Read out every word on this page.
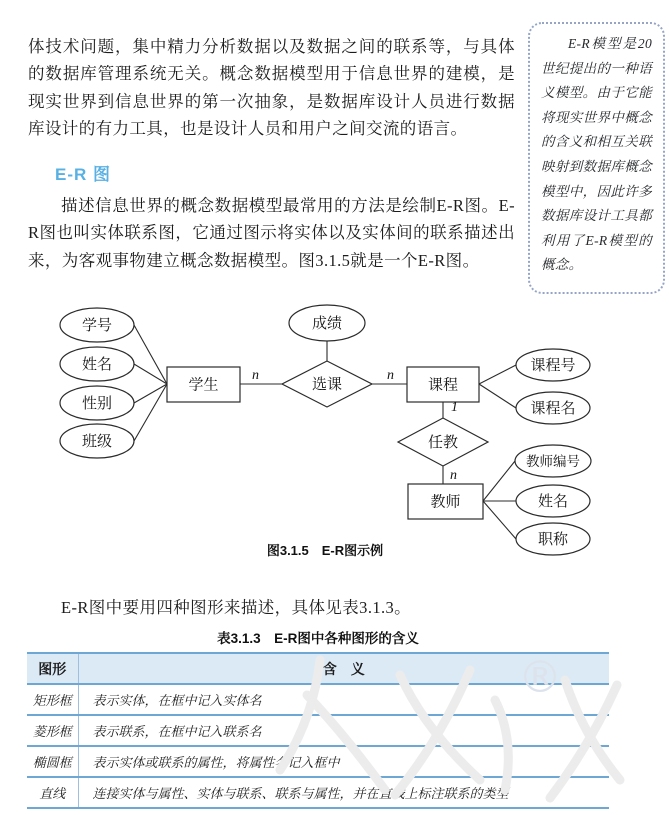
体技术问题，集中精力分析数据以及数据之间的联系等，与具体的数据库管理系统无关。概念数据模型用于信息世界的建模，是现实世界到信息世界的第一次抽象，是数据库设计人员进行数据库设计的有力工具，也是设计人员和用户之间交流的语言。

E-R 图

描述信息世界的概念数据模型最常用的方法是绘制E-R图。E-R图也叫实体联系图，它通过图示将实体以及实体间的联系描述出来，为客观事物建立概念数据模型。图3.1.5就是一个E-R图。

E-R模型是20世纪提出的一种语义模型。由于它能将现实世界中概念的含义和相互关联映射到数据库概念模型中，因此许多数据库设计工具都利用了E-R模型的概念。
学号
姓名
性别
班级
成绩
学生	选课	课程
课程号
课程名
任教
教师
教师编号
姓名
职称
n	n
1
n
图3.1.5　E-R图示例

E-R图中要用四种图形来描述，具体见表3.1.3。

表3.1.3　E-R图中各种图形的含义
图形	含　义
矩形框	表示实体，在框中记入实体名
菱形框	表示联系，在框中记入联系名
椭圆框	表示实体或联系的属性，将属性名记入框中
直线	连接实体与属性、实体与联系、联系与属性，并在直线上标注联系的类型
®
